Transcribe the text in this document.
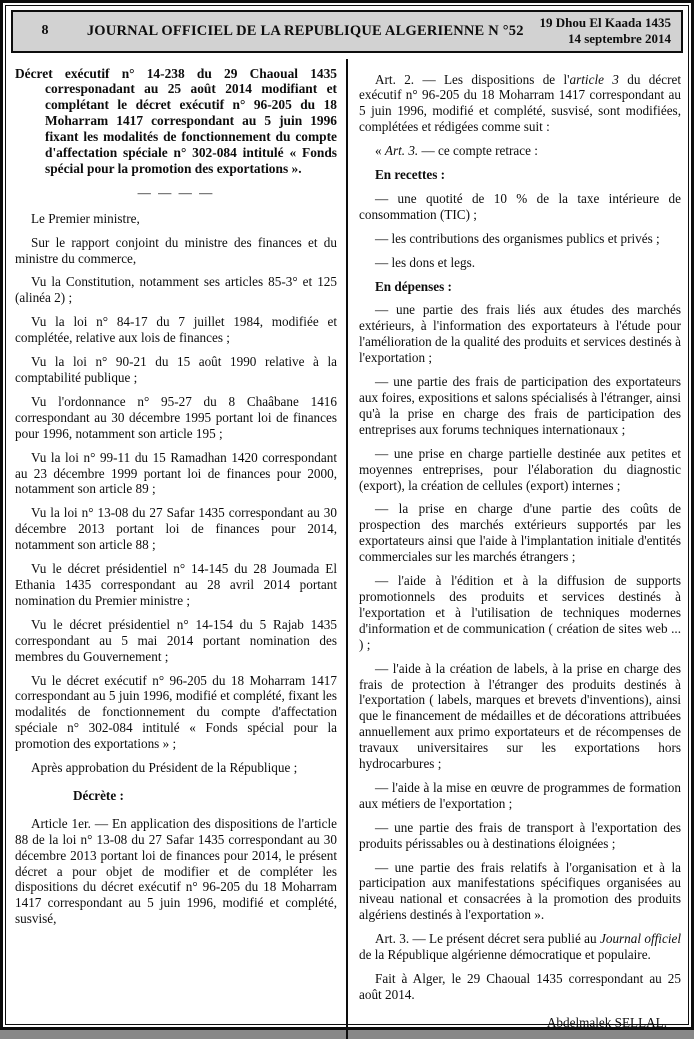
8	JOURNAL OFFICIEL DE LA REPUBLIQUE ALGERIENNE N °52
19 Dhou El Kaada 1435
14 septembre 2014

Décret exécutif n° 14-238 du 29 Chaoual 1435 corresponadant au 25 août 2014 modifiant et complétant le décret exécutif n° 96-205 du 18 Moharram 1417 correspondant au 5 juin 1996 fixant les modalités de fonctionnement du compte d'affectation spéciale n° 302-084 intitulé « Fonds spécial pour la promotion des exportations ».

— — — —

Le Premier ministre,

Sur le rapport conjoint du ministre des finances et du ministre du commerce,

Vu la Constitution, notamment ses articles 85-3° et 125 (alinéa 2) ;

Vu la loi n° 84-17 du 7 juillet 1984, modifiée et complétée, relative aux lois de finances ;

Vu la loi n° 90-21 du 15 août 1990 relative à la comptabilité publique ;

Vu l'ordonnance n° 95-27 du 8 Chaâbane 1416 correspondant au 30 décembre 1995 portant loi de finances pour 1996, notamment son article 195 ;

Vu la loi n° 99-11 du 15 Ramadhan 1420 correspondant au 23 décembre 1999 portant loi de finances pour 2000, notamment son article 89 ;

Vu la loi n° 13-08 du 27 Safar 1435 correspondant au 30 décembre 2013 portant loi de finances pour 2014, notamment son article 88 ;

Vu le décret présidentiel n° 14-145 du 28 Joumada El Ethania 1435 correspondant au 28 avril 2014 portant nomination du Premier ministre ;

Vu le décret présidentiel n° 14-154 du 5 Rajab 1435 correspondant au 5 mai 2014 portant nomination des membres du Gouvernement ;

Vu le décret exécutif n° 96-205 du 18 Moharram 1417 correspondant au 5 juin 1996, modifié et complété, fixant les modalités de fonctionnement du compte d'affectation spéciale n° 302-084 intitulé « Fonds spécial pour la promotion des exportations » ;

Après approbation du Président de la République ;

Décrète :

Article 1er. — En application des dispositions de l'article 88 de la loi n° 13-08 du 27 Safar 1435 correspondant au 30 décembre 2013 portant loi de finances pour 2014, le présent décret a pour objet de modifier et de compléter les dispositions du décret exécutif n° 96-205 du 18 Moharram 1417 correspondant au 5 juin 1996, modifié et complété, susvisé,

Art. 2. — Les dispositions de l'article 3 du décret exécutif n° 96-205 du 18 Moharram 1417 correspondant au 5 juin 1996, modifié et complété, susvisé, sont modifiées, complétées et rédigées comme suit :

« Art. 3. — ce compte retrace :

En recettes :

— une quotité de 10 % de la taxe intérieure de consommation (TIC) ;

— les contributions des organismes publics et privés ;

— les dons et legs.

En dépenses :

— une partie des frais liés aux études des marchés extérieurs, à l'information des exportateurs à l'étude pour l'amélioration de la qualité des produits et services destinés à l'exportation ;

— une partie des frais de participation des exportateurs aux foires, expositions et salons spécialisés à l'étranger, ainsi qu'à la prise en charge des frais de participation des entreprises aux forums techniques internationaux ;

— une prise en charge partielle destinée aux petites et moyennes entreprises, pour l'élaboration du diagnostic (export), la création de cellules (export) internes ;

— la prise en charge d'une partie des coûts de prospection des marchés extérieurs supportés par les exportateurs ainsi que l'aide à l'implantation initiale d'entités commerciales sur les marchés étrangers ;

— l'aide à l'édition et à la diffusion de supports promotionnels des produits et services destinés à l'exportation et à l'utilisation de techniques modernes d'information et de communication ( création de sites web ... ) ;

— l'aide à la création de labels, à la prise en charge des frais de protection à l'étranger des produits destinés à l'exportation ( labels, marques et brevets d'inventions), ainsi que le financement de médailles et de décorations attribuées annuellement aux primo exportateurs et de récompenses de travaux universitaires sur les exportations hors hydrocarbures ;

— l'aide à la mise en œuvre de programmes de formation aux métiers de l'exportation ;

— une partie des frais de transport à l'exportation des produits périssables ou à destinations éloignées ;

— une partie des frais relatifs à l'organisation et à la participation aux manifestations spécifiques organisées au niveau national et consacrées à la promotion des produits algériens destinés à l'exportation ».

Art. 3. — Le présent décret sera publié au Journal officiel de la République algérienne démocratique et populaire.

Fait à Alger, le 29 Chaoual 1435 correspondant au 25 août 2014.

Abdelmalek SELLAL.
